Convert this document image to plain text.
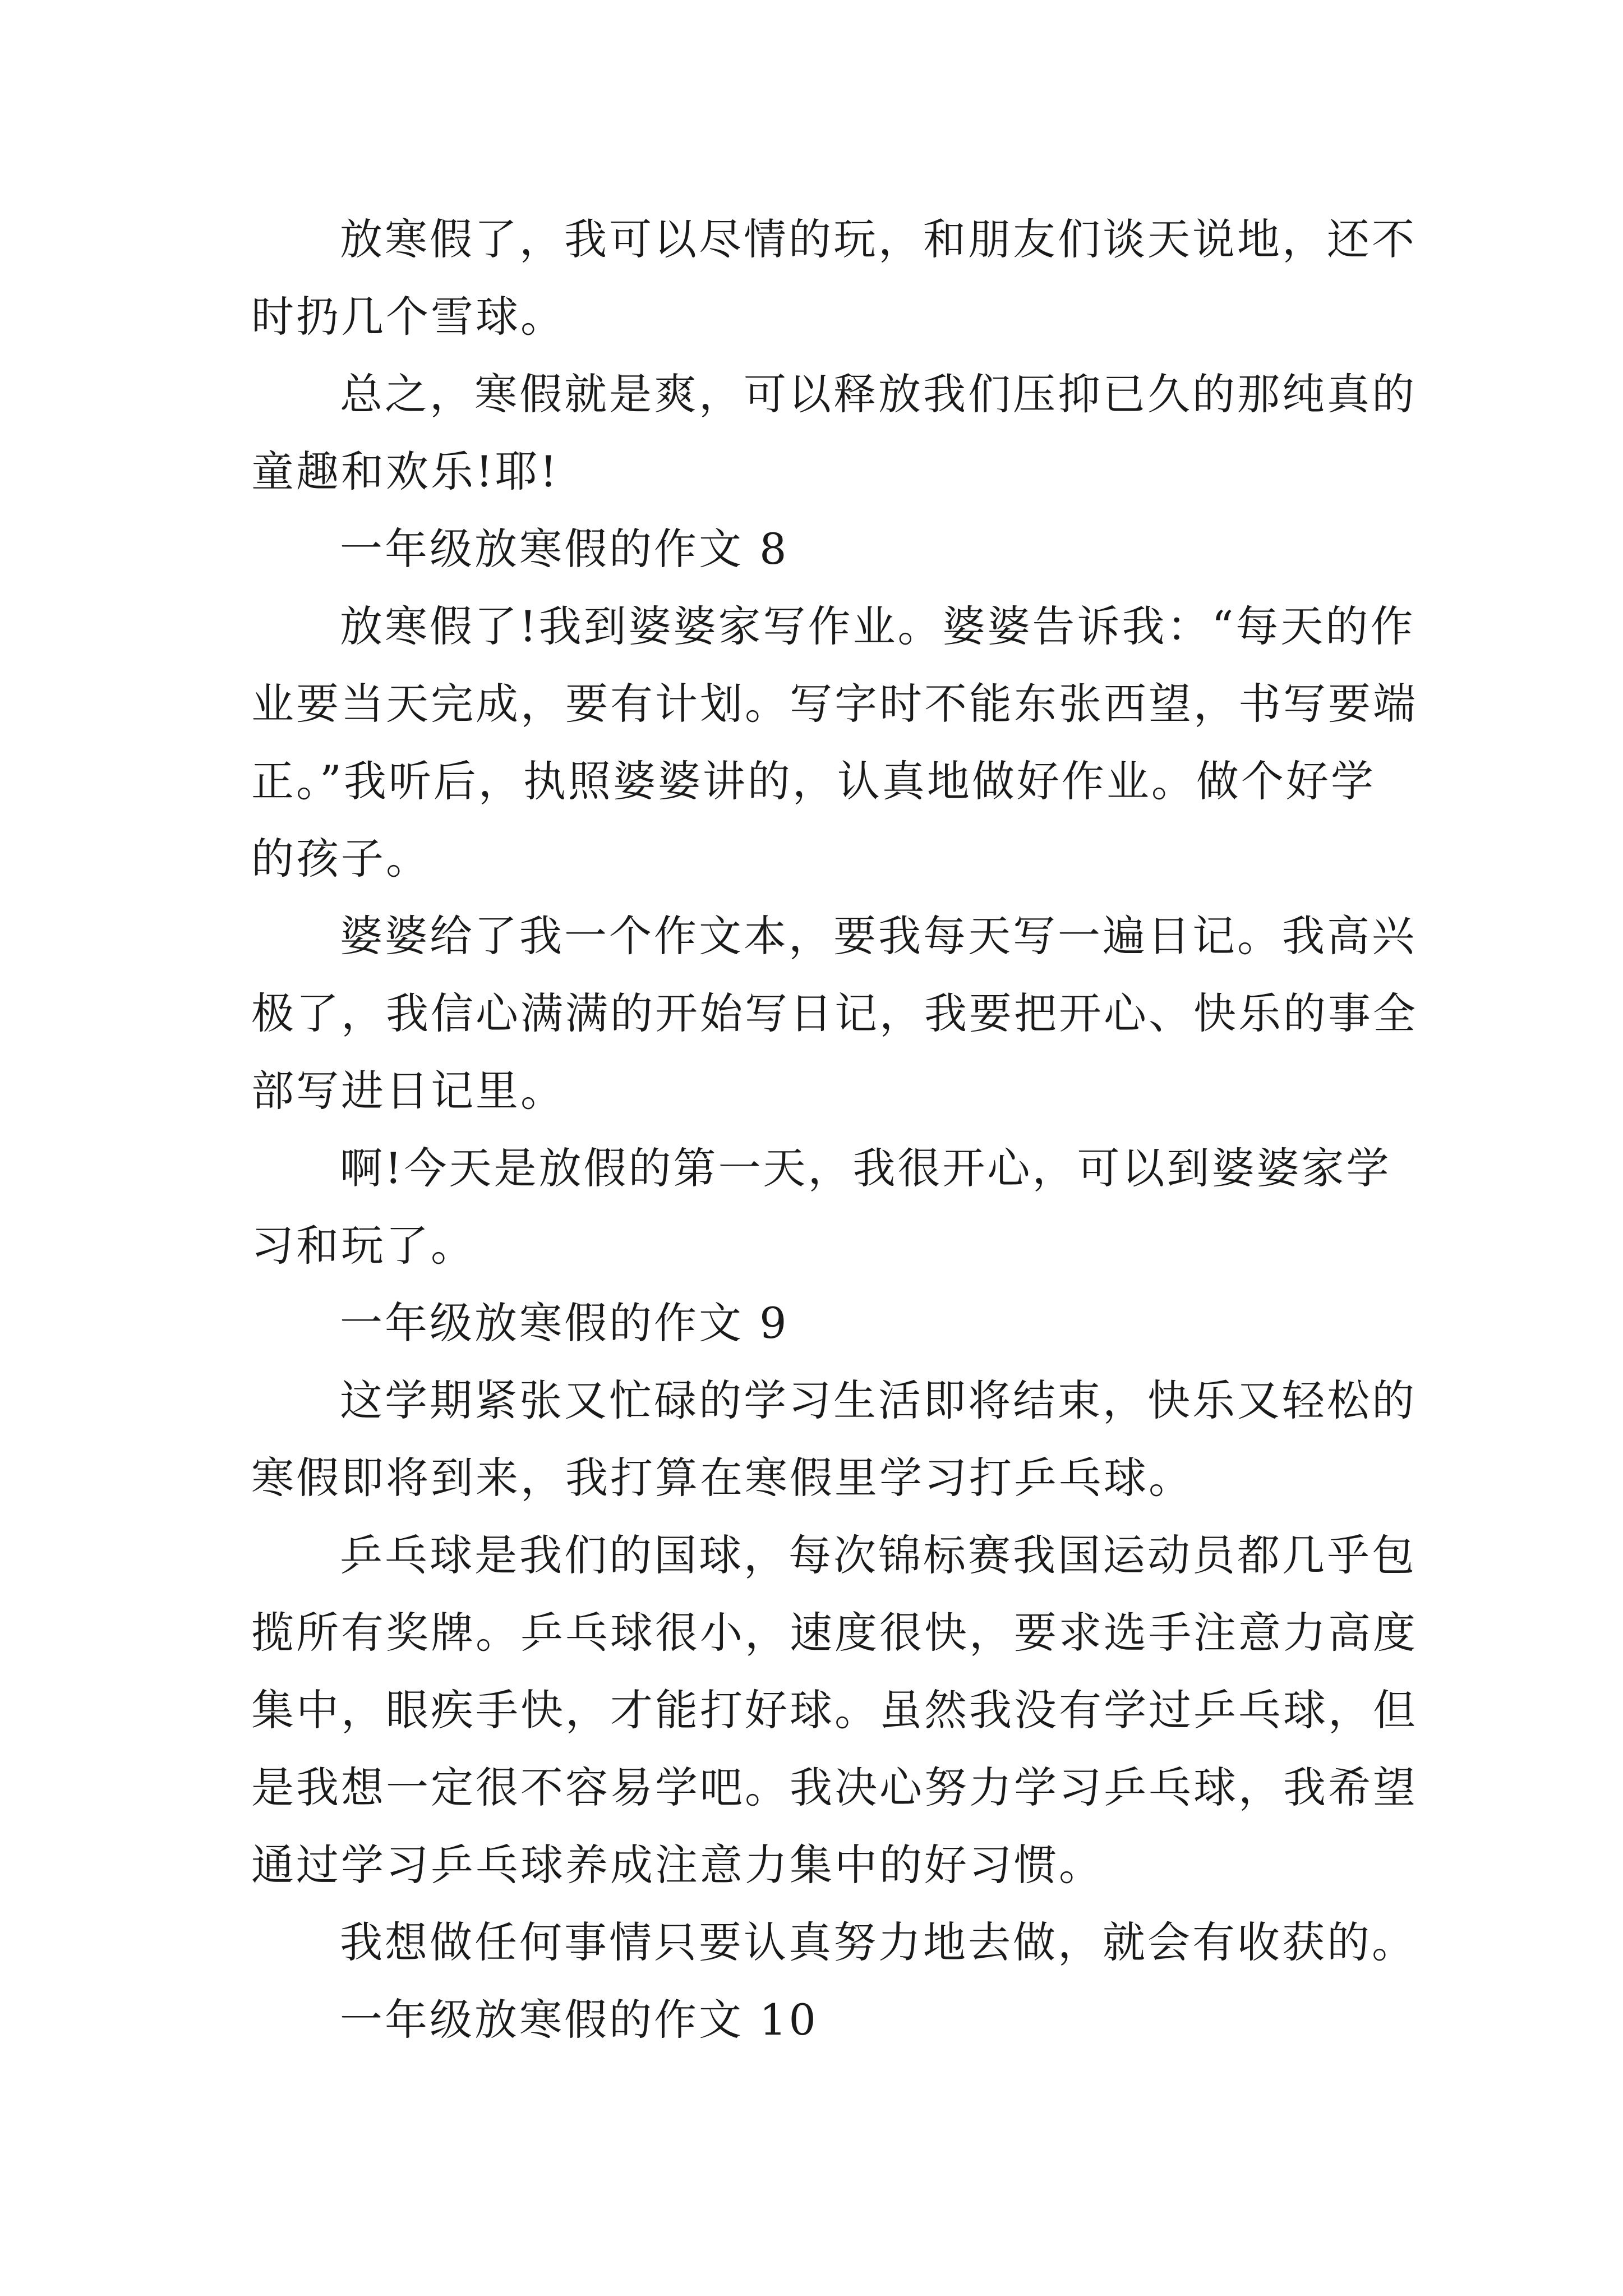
放寒假了，我可以尽情的玩，和朋友们谈天说地，还不
时扔几个雪球。
总之，寒假就是爽，可以释放我们压抑已久的那纯真的
童趣和欢乐!耶!
一年级放寒假的作文 8
放寒假了!我到婆婆家写作业。婆婆告诉我：“每天的作
业要当天完成，要有计划。写字时不能东张西望，书写要端
正。”我听后，执照婆婆讲的，认真地做好作业。做个好学
的孩子。
婆婆给了我一个作文本，要我每天写一遍日记。我高兴
极了，我信心满满的开始写日记，我要把开心、快乐的事全
部写进日记里。
啊!今天是放假的第一天，我很开心，可以到婆婆家学
习和玩了。
一年级放寒假的作文 9
这学期紧张又忙碌的学习生活即将结束，快乐又轻松的
寒假即将到来，我打算在寒假里学习打乒乓球。
乒乓球是我们的国球，每次锦标赛我国运动员都几乎包
揽所有奖牌。乒乓球很小，速度很快，要求选手注意力高度
集中，眼疾手快，才能打好球。虽然我没有学过乒乓球，但
是我想一定很不容易学吧。我决心努力学习乒乓球，我希望
通过学习乒乓球养成注意力集中的好习惯。
我想做任何事情只要认真努力地去做，就会有收获的。
一年级放寒假的作文 10
